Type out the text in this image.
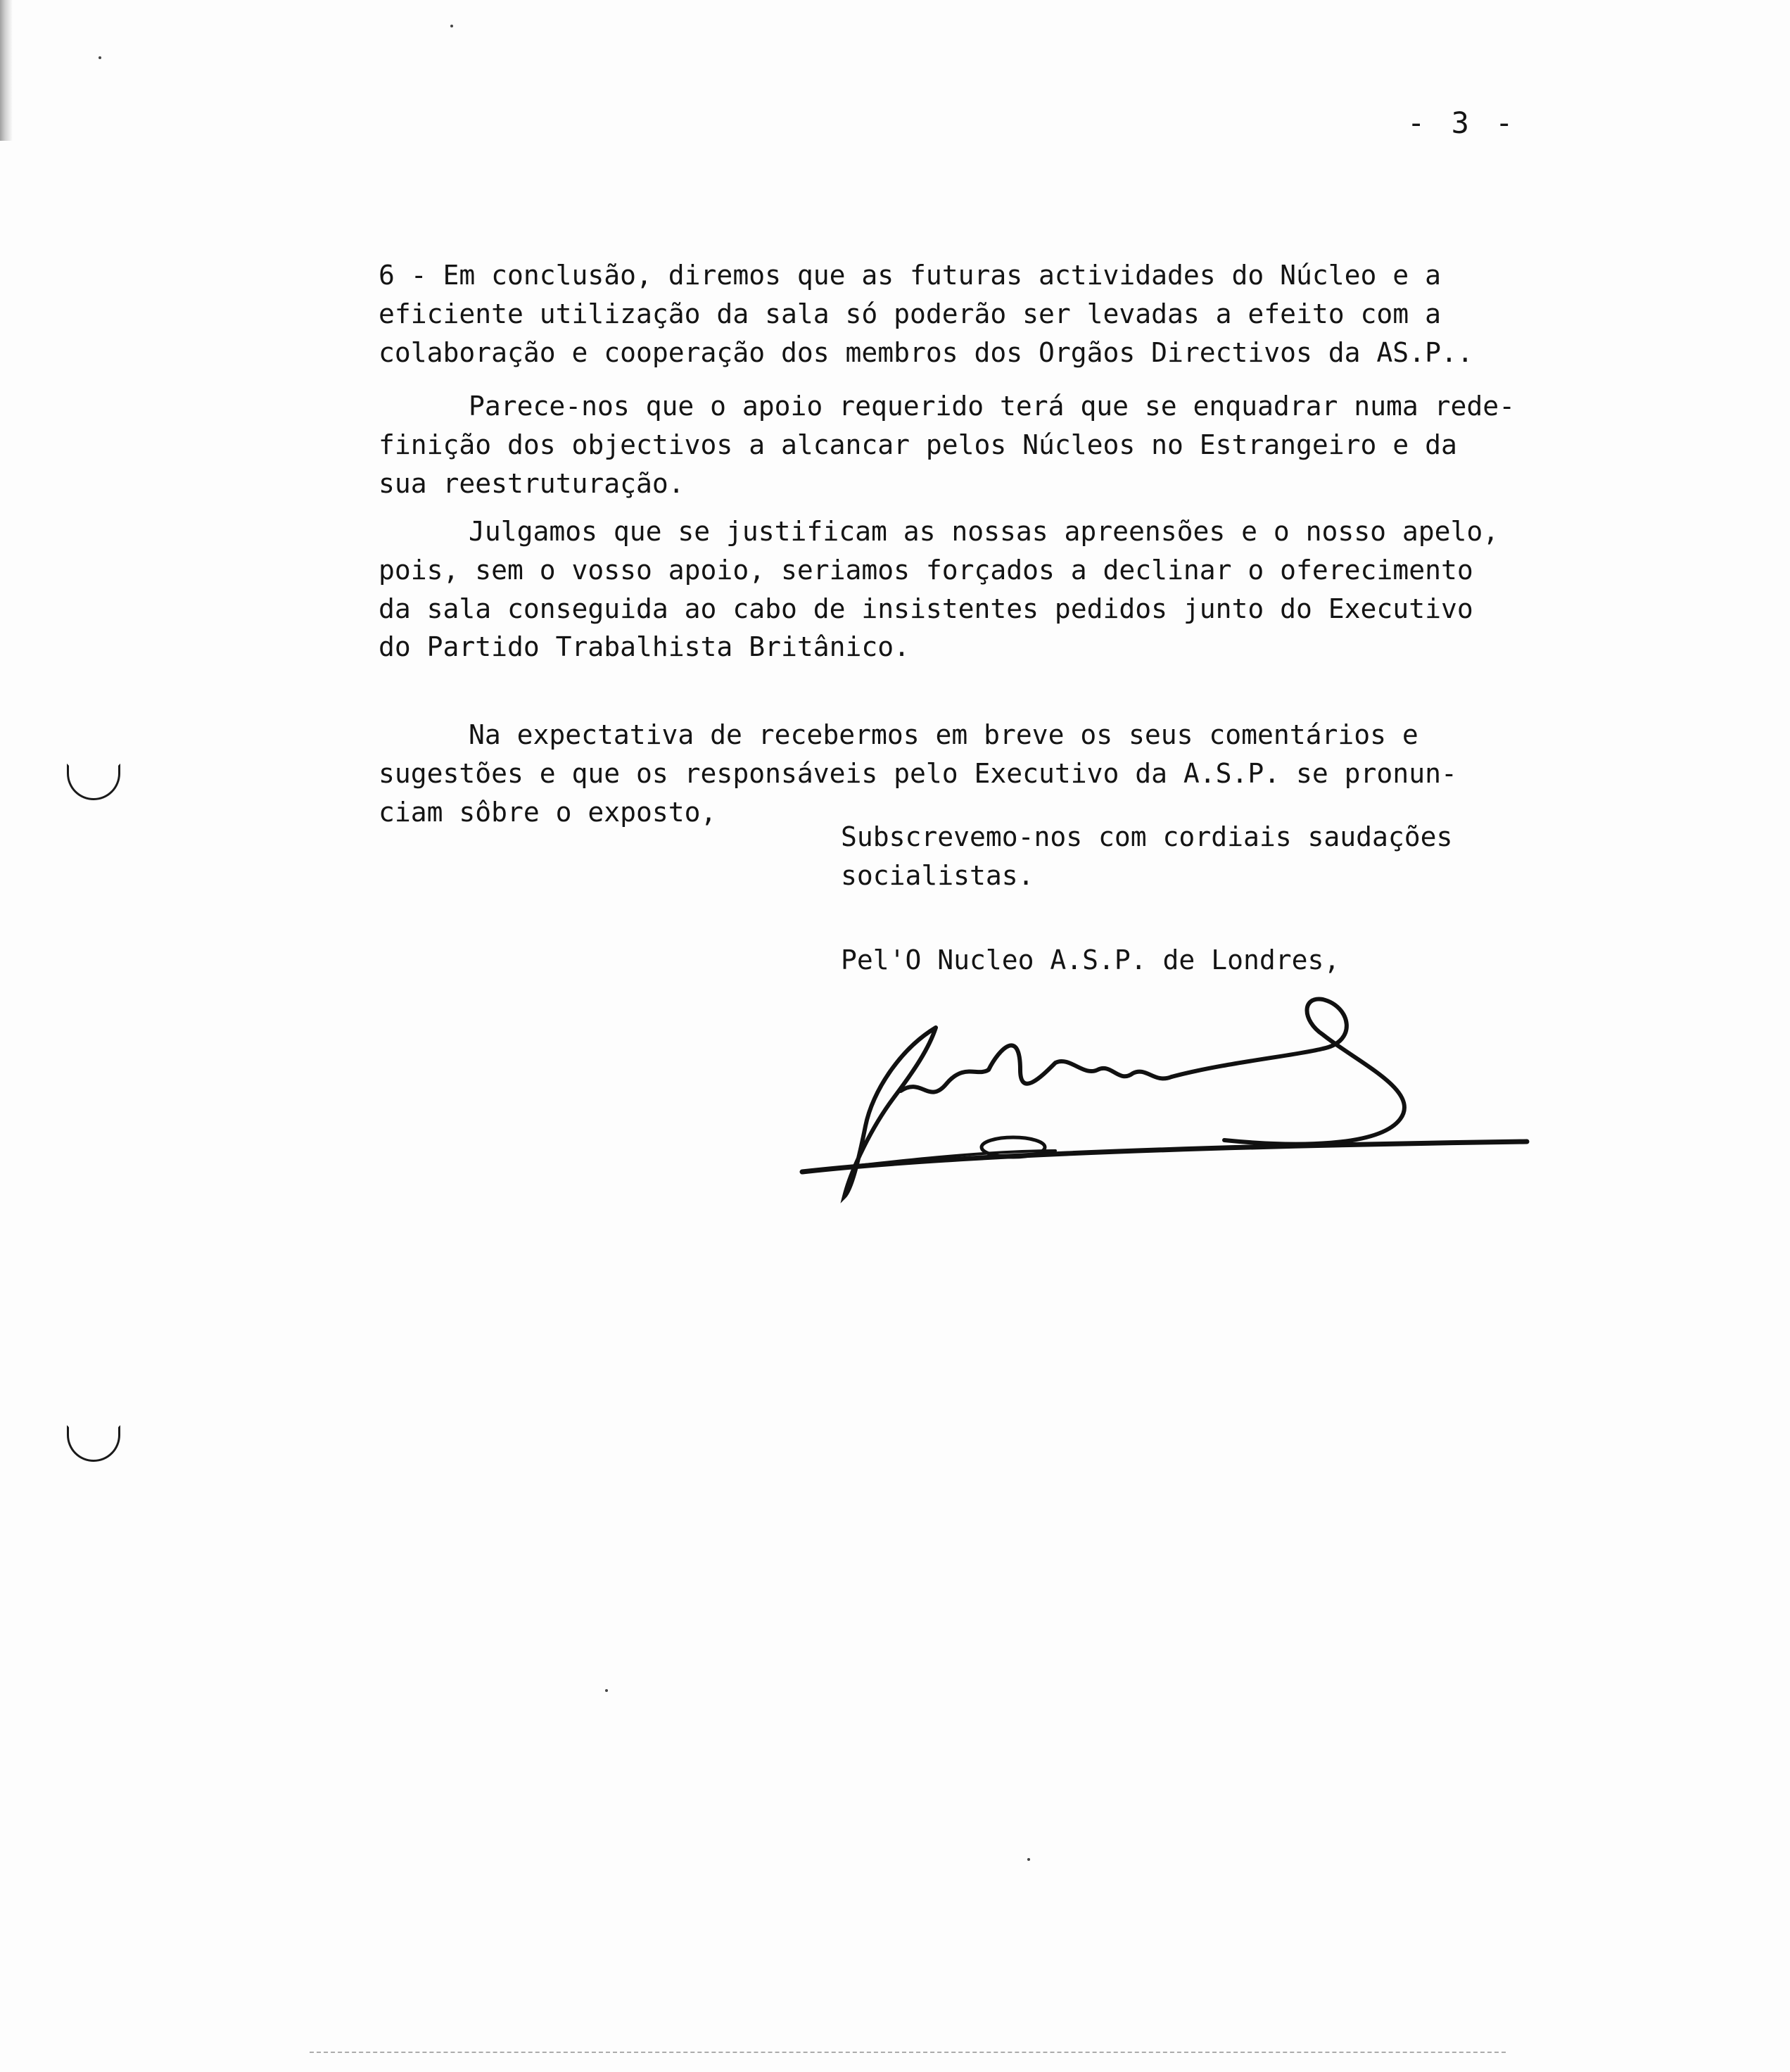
- 3 -
6 - Em conclusão, diremos que as futuras actividades do Núcleo e a
eficiente utilização da sala só poderão ser levadas a efeito com a
colaboração e cooperação dos membros dos Orgãos Directivos da AS.P..
Parece-nos que o apoio requerido terá que se enquadrar numa rede-
finição dos objectivos a alcancar pelos Núcleos no Estrangeiro e da
sua reestruturação.
Julgamos que se justificam as nossas apreensões e o nosso apelo,
pois, sem o vosso apoio, seriamos forçados a declinar o oferecimento
da sala conseguida ao cabo de insistentes pedidos junto do Executivo
do Partido Trabalhista Britânico.
Na expectativa de recebermos em breve os seus comentários e
sugestões e que os responsáveis pelo Executivo da A.S.P. se pronun-
ciam sôbre o exposto,
Subscrevemo-nos com cordiais saudações
socialistas.
Pel'O Nucleo A.S.P. de Londres,
